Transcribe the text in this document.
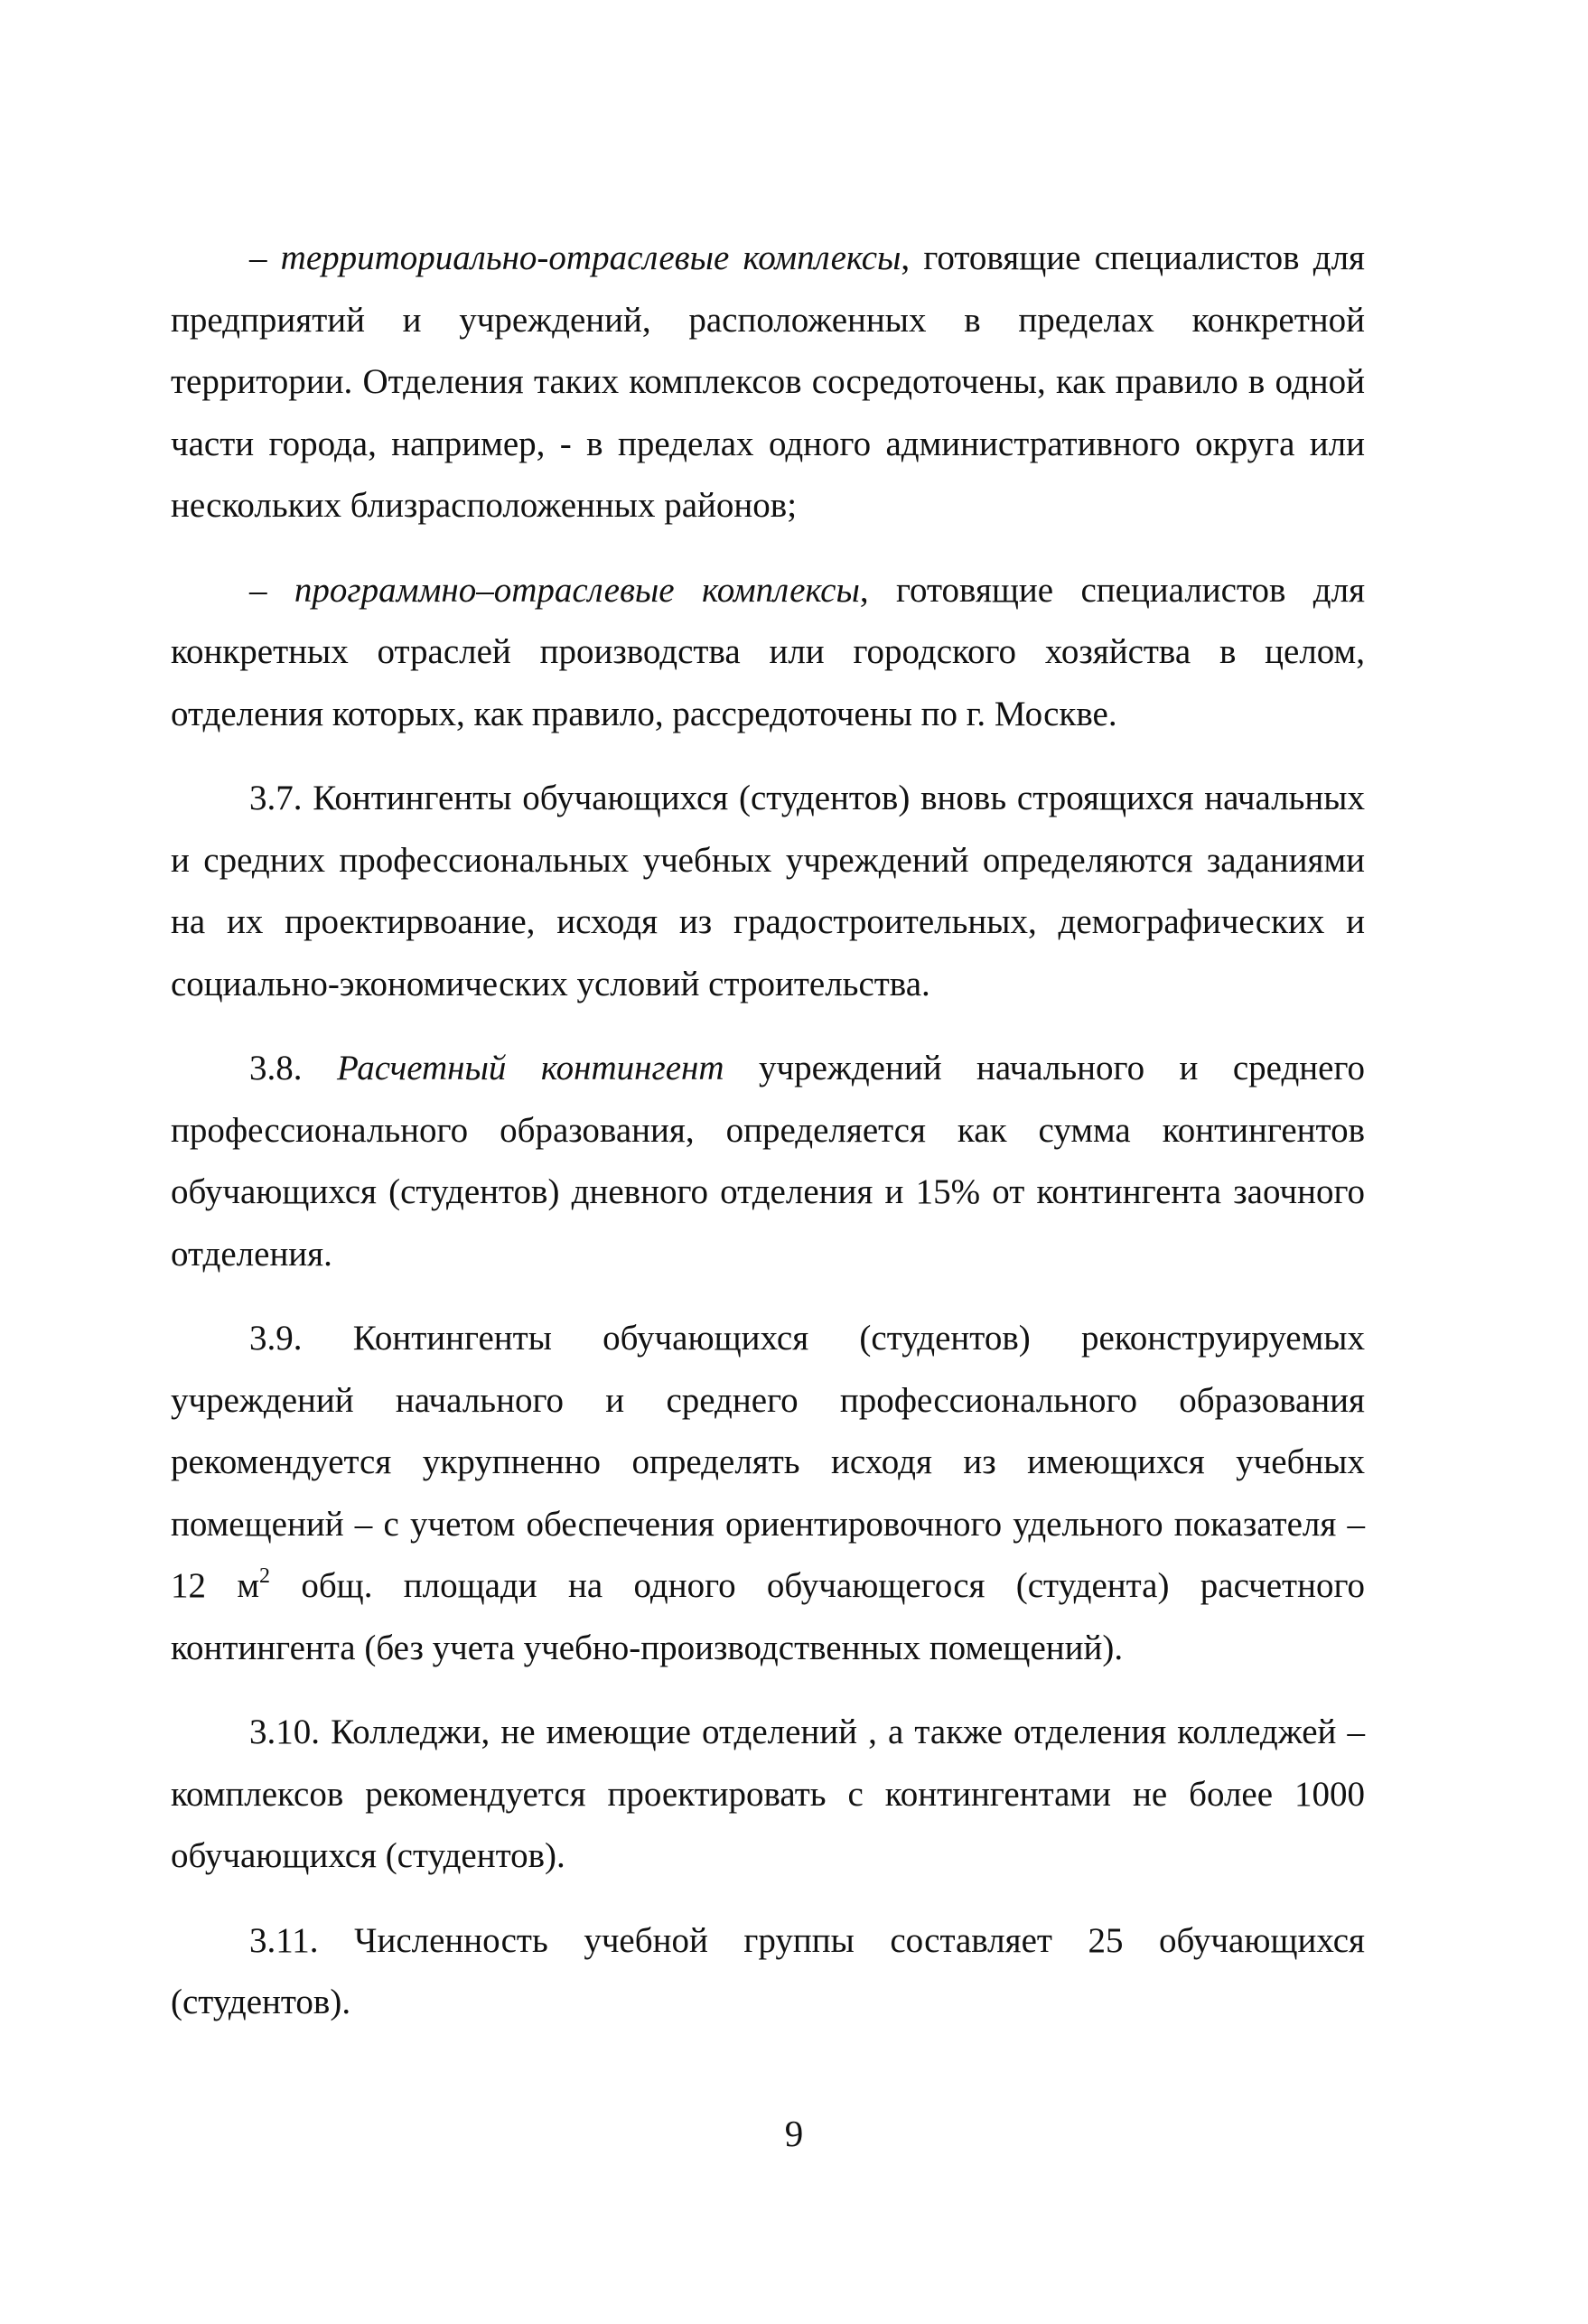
– территориально-отраслевые комплексы, готовящие специалистов для предприятий и учреждений, расположенных в пределах конкретной территории. Отделения таких комплексов сосредоточены, как правило в одной части города, например, - в пределах одного административного округа или нескольких близрасположенных районов;

– программно–отраслевые комплексы, готовящие специалистов для конкретных отраслей производства или городского хозяйства в целом, отделения которых, как правило, рассредоточены по г. Москве.

3.7. Контингенты обучающихся (студентов) вновь строящихся начальных и средних профессиональных учебных учреждений определяются заданиями на их проектирвоание, исходя из градостроительных, демографических и социально-экономических условий строительства.

3.8. Расчетный контингент учреждений начального и среднего профессионального образования, определяется как сумма контингентов обучающихся (студентов) дневного отделения и 15% от контингента заочного отделения.

3.9. Контингенты обучающихся (студентов) реконструируемых учреждений начального и среднего профессионального образования рекомендуется укрупненно определять исходя из имеющихся учебных помещений – с учетом обеспечения ориентировочного удельного показателя – 12 $м^2$ общ. площади на одного обучающегося (студента) расчетного контингента (без учета учебно-производственных помещений).

3.10. Колледжи, не имеющие отделений , а также отделения колледжей – комплексов рекомендуется проектировать с контингентами не более 1000 обучающихся (студентов).

3.11. Численность учебной группы составляет 25 обучающихся (студентов).

9
